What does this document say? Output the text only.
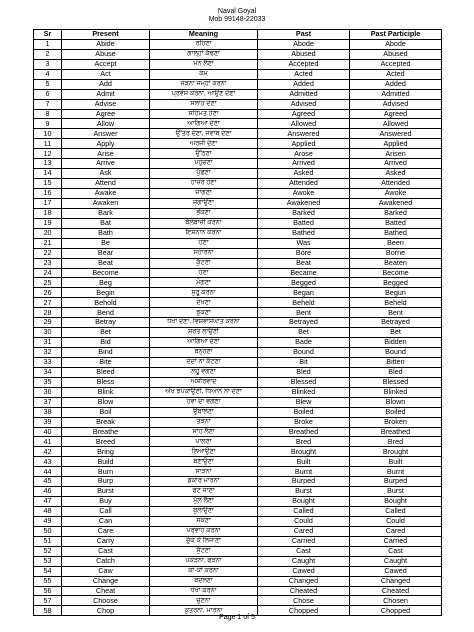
Naval Goyal
Mob 99148-22033
Sr	Present	Meaning	Past	Past Participle
1	Abide	ਰਹਿਣਾ	Abode	Abode
2	Abuse	ਗਾਲ੍ਹਾਂ ਕੱਢਣਾ	Abused	Abused
3	Accept	ਮੰਨ ਲੈਣਾ	Accepted	Accepted
4	Act	ਕੰਮ	Acted	Acted
5	Add	ਜੋੜਨਾ ਜਮ੍ਹਾਂ ਕਰਨਾ	Added	Added
6	Admit	ਪ੍ਰਵੇਸ਼ ਕਰਨਾ, ਆਉਣ ਦੇਣਾ	Admitted	Admitted
7	Advise	ਸਲਾਹ ਦੇਣਾ	Advised	Advised
8	Agree	ਸਹਿਮਤ ਹੋਣਾ	Agreed	Agreed
9	Allow	ਆਗਿਆ ਦੇਣਾ	Allowed	Allowed
10	Answer	ਉੱਤਰ ਦੇਣਾ, ਜਵਾਬ ਦੇਣਾ	Answered	Answered
11	Apply	ਅਰਜ਼ੀ ਦੇਣਾ	Applied	Applied
12	Arise	ਉੱਠਣਾ	Arose	Arisen
13	Arrive	ਪਹੁੰਚਣਾ	Arrived	Arrived
14	Ask	ਪੁੱਛਣਾ	Asked	Asked
15	Attend	ਹਾਜ਼ਰ ਹੋਣਾ	Attended	Attended
16	Awake	ਜਾਗਣਾ	Awoke	Awoke
17	Awaken	ਜਗਾਉਣਾ	Awakened	Awakened
18	Bark	ਭੌਂਕਣਾ	Barked	Barked
19	Bat	ਬੱਲੇਬਾਜ਼ੀ ਕਰਨਾ	Batted	Batted
20	Bath	ਇਸ਼ਨਾਨ ਕਰਨਾ	Bathed	Bathed
21	Be	ਹੋਣਾ	Was	Been
22	Bear	ਸਹਾਰਨਾ	Bore	Borne
23	Beat	ਕੁੱਟਣਾ	Beat	Beaten
24	Become	ਹੋਣਾ	Became	Become
25	Beg	ਮੰਗਣਾ	Begged	Begged
26	Begin	ਸ਼ੁਰੂ ਕਰਨਾ	Began	Begun
27	Behold	ਦੇਖਣਾ	Beheld	Beheld
28	Bend	ਝੁਕਣਾ	Bent	Bent
29	Betray	ਧੋਖਾ ਦੇਣਾ, ਵਿਸ਼ਵਾਸਘਾਤ ਕਰਨਾ	Betrayed	Betrayed
30	Bet	ਸ਼ਰਤ ਲਾਉਣੀ	Bet	Bet
31	Bid	ਆਗਿਆ ਦੇਣਾ	Bade	Bidden
32	Bind	ਬੰਨ੍ਹਣਾ	Bound	Bound
33	Bite	ਦੰਦਾਂ ਨਾ ਕੱਟਣਾ	Bit	Bitten
34	Bleed	ਲਹੂ ਵਗਣਾ	Bled	Bled
35	Bless	ਅਸ਼ੀਰਵਾਦ	Blessed	Blessed
36	Blink	ਅੱਖ ਝਪਕਾਉਣੀ, ਧਿਆਨ ਨਾ ਦੇਣਾ	Blinked	Blinked
37	Blow	ਹਵਾ ਦਾ ਵਗਣਾ	Blew	Blown
38	Boil	ਉਬਾਲਣਾ	Boiled	Boiled
39	Break	ਤੋੜਨਾ	Broke	Broken
40	Breathe	ਸਾਹ ਲੈਣਾ	Breathed	Breathed
41	Breed	ਪਾਲਣਾ	Bred	Bred
42	Bring	ਲਿਆਉਣਾ	Brought	Brought
43	Build	ਬਣਾਉਣਾ	Built	Built
44	Burn	ਸਾੜਨਾ	Burnt	Burnt
45	Burp	ਡਕਾਰ ਮਾਰਨਾ	Burped	Burped
46	Burst	ਫਟ ਜਾਣਾ	Burst	Burst
47	Buy	ਮੁੱਲ ਲੈਣਾ	Bought	Bought
48	Call	ਬੁਲਾਉਣਾ	Called	Called
49	Can	ਸਕਣਾ	Could	Could
50	Care	ਪਰਵਾਹ ਕਰਨਾ	Cared	Cared
51	Carry	ਚੁੱਕ ਕੇ ਲਿਜਾਣਾ	Carried	Carried
52	Cast	ਸੁੱਟਣਾ	Cast	Cast
53	Catch	ਪਕੜਨਾ, ਫੜਨਾ	Caught	Caught
54	Caw	ਕਾਂ-ਕਾਂ ਕਰਨਾ	Cawed	Cawed
55	Change	ਬਦਲਣਾ	Changed	Changed
56	Cheat	ਧੋਖਾ ਕਰਨਾ	Cheated	Cheated
57	Choose	ਚੁਣਨਾ	Chose	Chosen
58	Chop	ਕੁਤਰਨਾ, ਮਾਰਨਾ	Chopped	Chopped
Page 1 of 5
